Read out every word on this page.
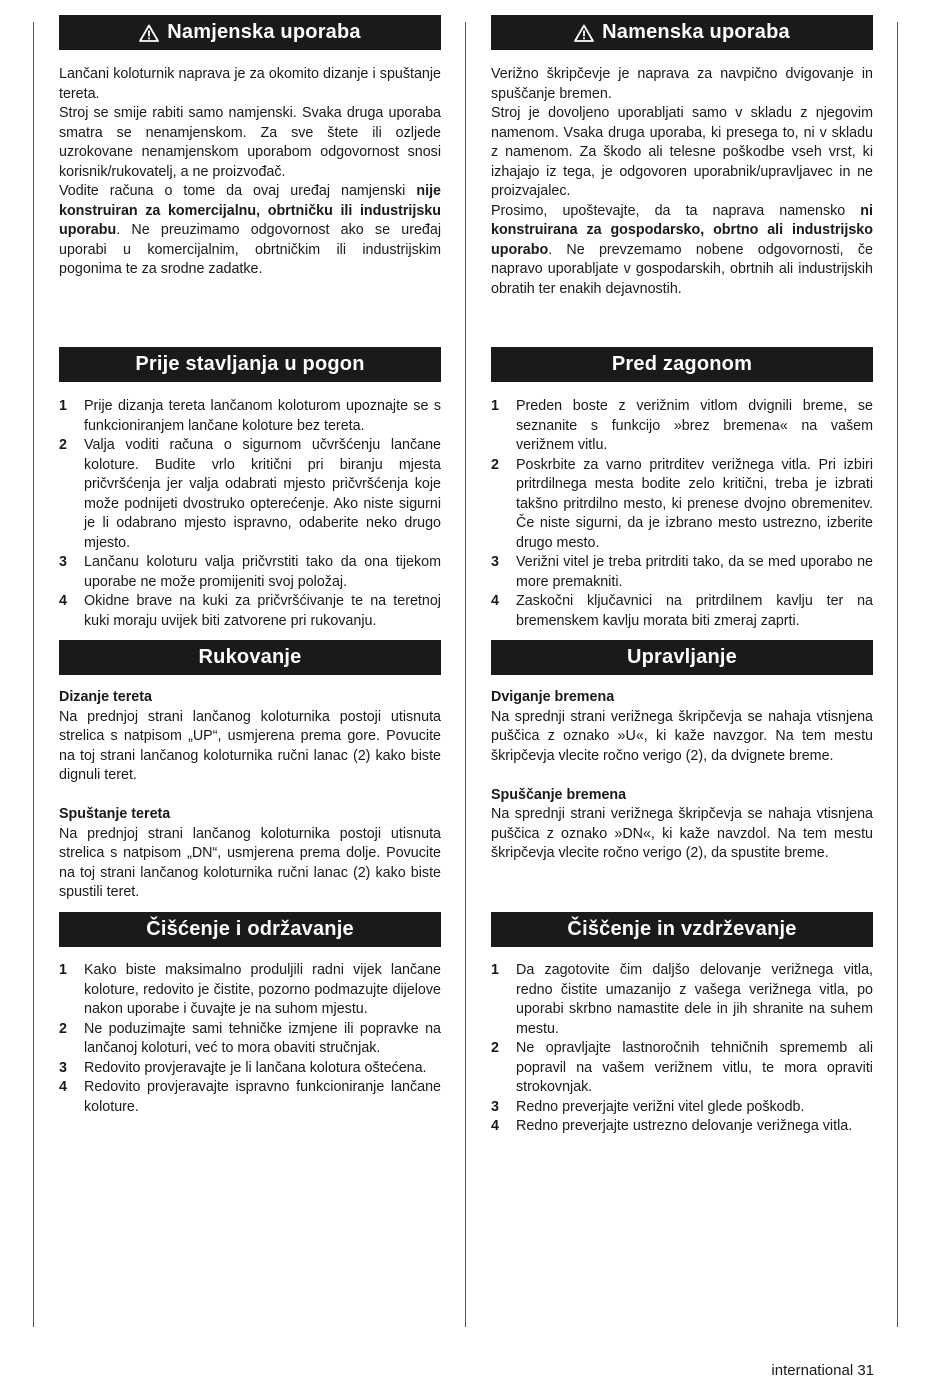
Namjenska uporaba

Lančani koloturnik naprava je za okomito dizanje i spuštanje tereta.

Stroj se smije rabiti samo namjenski. Svaka druga uporaba smatra se nenamjenskom. Za sve štete ili ozljede uzrokovane nenamjenskom uporabom odgovornost snosi korisnik/rukovatelj, a ne proizvođač.

Vodite računa o tome da ovaj uređaj namjenski nije konstruiran za komercijalnu, obrtničku ili industrijsku uporabu. Ne preuzimamo odgovornost ako se uređaj uporabi u komercijalnim, obrtničkim ili industrijskim pogonima te za srodne zadatke.

Prije stavljanja u pogon
1	Prije dizanja tereta lančanom koloturom upoznajte se s funkcioniranjem lančane koloture bez tereta.
2	Valja voditi računa o sigurnom učvršćenju lančane koloture. Budite vrlo kritični pri biranju mjesta pričvršćenja jer valja odabrati mjesto pričvršćenja koje može podnijeti dvostruko opterećenje. Ako niste sigurni je li odabrano mjesto ispravno, odaberite neko drugo mjesto.
3	Lančanu koloturu valja pričvrstiti tako da ona tijekom uporabe ne može promijeniti svoj položaj.
4	Okidne brave na kuki za pričvršćivanje te na teretnoj kuki moraju uvijek biti zatvorene pri rukovanju.
Rukovanje

Dizanje tereta

Na prednjoj strani lančanog koloturnika postoji utisnuta strelica s natpisom „UP“, usmjerena prema gore. Povucite na toj strani lančanog koloturnika ručni lanac (2) kako biste dignuli teret.

Spuštanje tereta

Na prednjoj strani lančanog koloturnika postoji utisnuta strelica s natpisom „DN“, usmjerena prema dolje. Povucite na toj strani lančanog koloturnika ručni lanac (2) kako biste spustili teret.

Čišćenje i održavanje
1	Kako biste maksimalno produljili radni vijek lančane koloture, redovito je čistite, pozorno podmazujte dijelove nakon uporabe i čuvajte je na suhom mjestu.
2	Ne poduzimajte sami tehničke izmjene ili popravke na lančanoj koloturi, već to mora obaviti stručnjak.
3	Redovito provjeravajte je li lančana kolotura oštećena.
4	Redovito provjeravajte ispravno funkcioniranje lančane koloture.
Namenska uporaba

Verižno škripčevje je naprava za navpično dvigovanje in spuščanje bremen.

Stroj je dovoljeno uporabljati samo v skladu z njegovim namenom. Vsaka druga uporaba, ki presega to, ni v skladu z namenom. Za škodo ali telesne poškodbe vseh vrst, ki izhajajo iz tega, je odgovoren uporabnik/upravljavec in ne proizvajalec.

Prosimo, upoštevajte, da ta naprava namensko ni konstruirana za gospodarsko, obrtno ali industrijsko uporabo. Ne prevzemamo nobene odgovornosti, če napravo uporabljate v gospodarskih, obrtnih ali industrijskih obratih ter enakih dejavnostih.

Pred zagonom
1	Preden boste z verižnim vitlom dvignili breme, se seznanite s funkcijo »brez bremena« na vašem verižnem vitlu.
2	Poskrbite za varno pritrditev verižnega vitla. Pri izbiri pritrdilnega mesta bodite zelo kritični, treba je izbrati takšno pritrdilno mesto, ki prenese dvojno obremenitev. Če niste sigurni, da je izbrano mesto ustrezno, izberite drugo mesto.
3	Verižni vitel je treba pritrditi tako, da se med uporabo ne more premakniti.
4	Zaskočni ključavnici na pritrdilnem kavlju ter na bremenskem kavlju morata biti zmeraj zaprti.
Upravljanje

Dviganje bremena

Na sprednji strani verižnega škripčevja se nahaja vtisnjena puščica z oznako »U«, ki kaže navzgor. Na tem mestu škripčevja vlecite ročno verigo (2), da dvignete breme.

Spuščanje bremena

Na sprednji strani verižnega škripčevja se nahaja vtisnjena puščica z oznako »DN«, ki kaže navzdol. Na tem mestu škripčevja vlecite ročno verigo (2), da spustite breme.

Čiščenje in vzdrževanje
1	Da zagotovite čim daljšo delovanje verižnega vitla, redno čistite umazanijo z vašega verižnega vitla, po uporabi skrbno namastite dele in jih shranite na suhem mestu.
2	Ne opravljajte lastnoročnih tehničnih sprememb ali popravil na vašem verižnem vitlu, te mora opraviti strokovnjak.
3	Redno preverjajte verižni vitel glede poškodb.
4	Redno preverjajte ustrezno delovanje verižnega vitla.
international 31
